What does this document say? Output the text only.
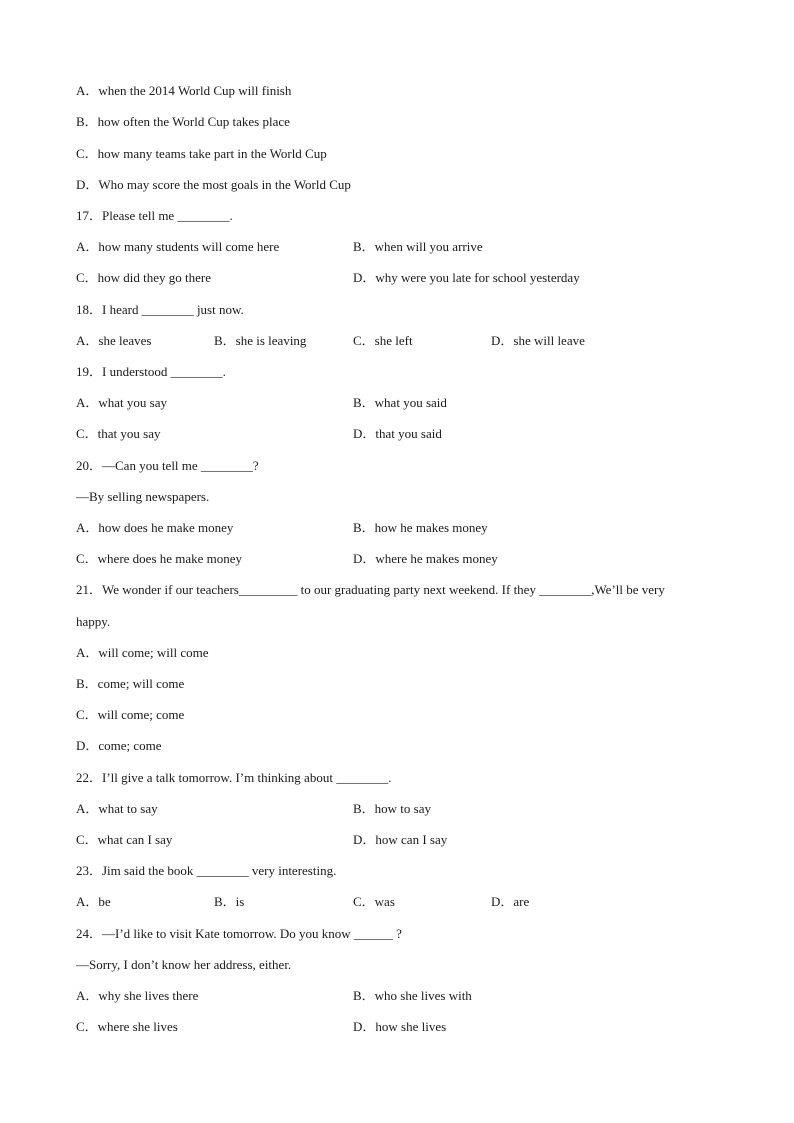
A．when the 2014 World Cup will finish
B．how often the World Cup takes place
C．how many teams take part in the World Cup
D．Who may score the most goals in the World Cup
17．Please tell me ________.
A．how many students will come here	B．when will you arrive
C．how did they go there	D．why were you late for school yesterday
18．I heard ________ just now.
A．she leaves	B．she is leaving	C．she left	D．she will leave
19．I understood ________.
A．what you say	B．what you said
C．that you say	D．that you said
20．—Can you tell me ________?
—By selling newspapers.
A．how does he make money	B．how he makes money
C．where does he make money	D．where he makes money
21．We wonder if our teachers_________ to our graduating party next weekend. If they ________,We’ll be very
happy.
A．will come; will come
B．come; will come
C．will come; come
D．come; come
22．I’ll give a talk tomorrow. I’m thinking about ________.
A．what to say	B．how to say
C．what can I say	D．how can I say
23．Jim said the book ________ very interesting.
A．be	B．is	C．was	D．are
24．—I’d like to visit Kate tomorrow. Do you know ______ ?
—Sorry, I don’t know her address, either.
A．why she lives there	B．who she lives with
C．where she lives	D．how she lives
